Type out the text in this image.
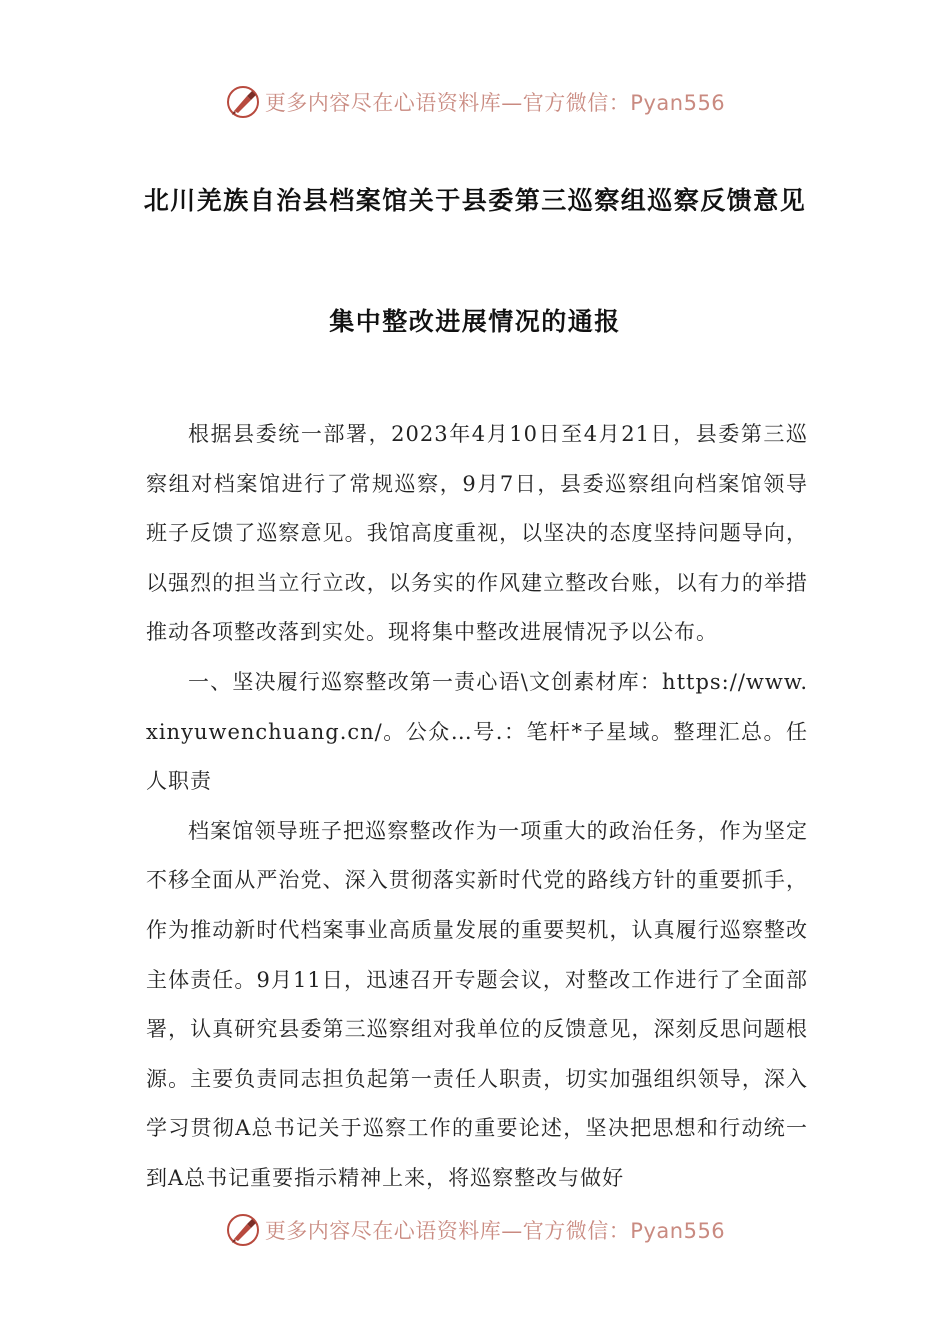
更多内容尽在心语资料库—官方微信：Pyan556
北川羌族自治县档案馆关于县委第三巡察组巡察反馈意见
集中整改进展情况的通报

根据县委统一部署，2023年4月10日至4月21日，县委第三巡察组对档案馆进行了常规巡察，9月7日，县委巡察组向档案馆领导班子反馈了巡察意见。我馆高度重视，以坚决的态度坚持问题导向，以强烈的担当立行立改，以务实的作风建立整改台账，以有力的举措推动各项整改落到实处。现将集中整改进展情况予以公布。

一、坚决履行巡察整改第一责心语\文创素材库：https://www.xinyuwenchuang.cn/。公众…号.：笔杆*子星域。整理汇总。任人职责

档案馆领导班子把巡察整改作为一项重大的政治任务，作为坚定不移全面从严治党、深入贯彻落实新时代党的路线方针的重要抓手，作为推动新时代档案事业高质量发展的重要契机，认真履行巡察整改主体责任。9月11日，迅速召开专题会议，对整改工作进行了全面部署，认真研究县委第三巡察组对我单位的反馈意见，深刻反思问题根源。主要负责同志担负起第一责任人职责，切实加强组织领导，深入学习贯彻A总书记关于巡察工作的重要论述，坚决把思想和行动统一到A总书记重要指示精神上来，将巡察整改与做好

更多内容尽在心语资料库—官方微信：Pyan556
